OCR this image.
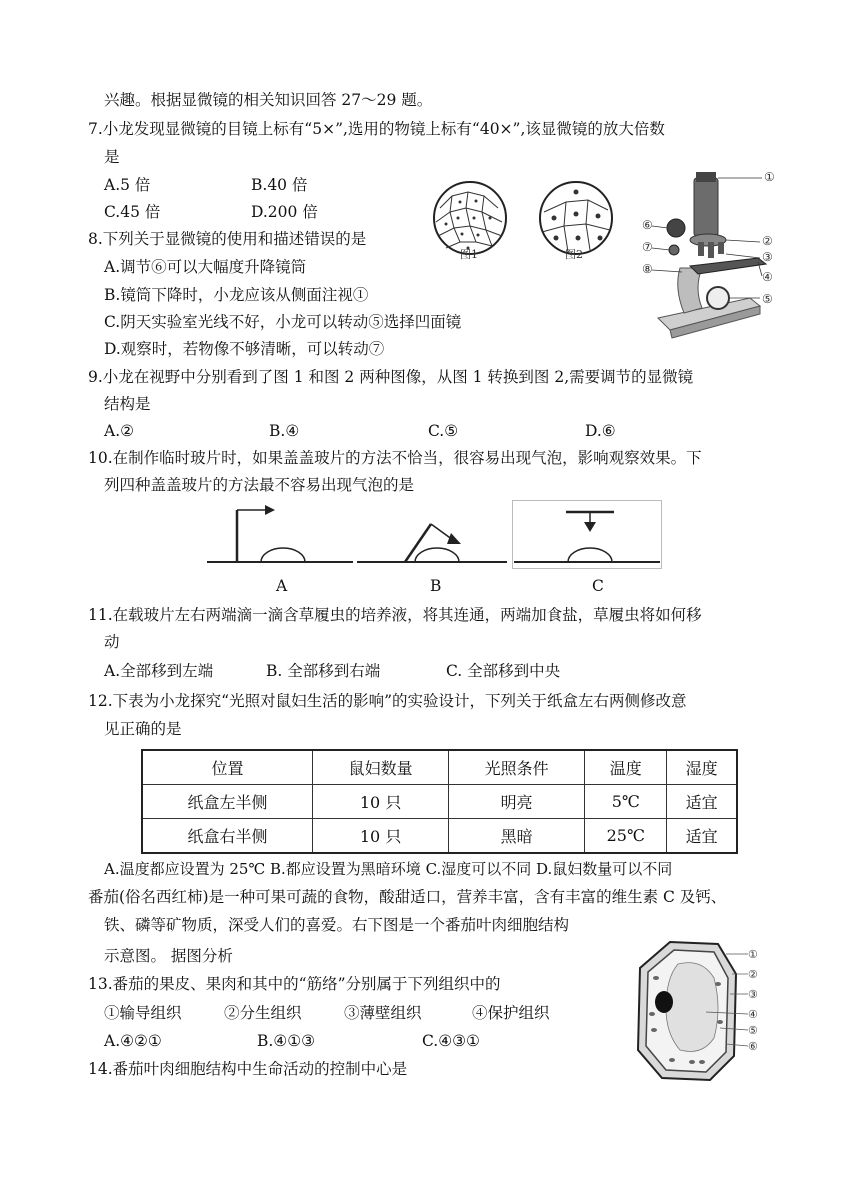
兴趣。根据显微镜的相关知识回答 27～29 题。
7.小龙发现显微镜的目镜上标有“5×”,选用的物镜上标有“40×”,该显微镜的放大倍数
是
A.5 倍	B.40 倍
C.45 倍	D.200 倍
8.下列关于显微镜的使用和描述错误的是
A.调节⑥可以大幅度升降镜筒
B.镜筒下降时，小龙应该从侧面注视①
C.阴天实验室光线不好，小龙可以转动⑤选择凹面镜
D.观察时，若物像不够清晰，可以转动⑦
9.小龙在视野中分别看到了图 1 和图 2 两种图像，从图 1 转换到图 2,需要调节的显微镜
结构是
A.②	B.④	C.⑤	D.⑥
10.在制作临时玻片时，如果盖盖玻片的方法不恰当，很容易出现气泡，影响观察效果。下
列四种盖盖玻片的方法最不容易出现气泡的是
11.在载玻片左右两端滴一滴含草履虫的培养液，将其连通，两端加食盐，草履虫将如何移
动
A.全部移到左端	B. 全部移到右端	C. 全部移到中央
12.下表为小龙探究“光照对鼠妇生活的影响”的实验设计，下列关于纸盒左右两侧修改意
见正确的是
A.温度都应设置为 25℃ B.都应设置为黑暗环境 C.湿度可以不同 D.鼠妇数量可以不同
番茄(俗名西红柿)是一种可果可蔬的食物，酸甜适口，营养丰富，含有丰富的维生素 C 及钙、
铁、磷等矿物质，深受人们的喜爱。右下图是一个番茄叶肉细胞结构
示意图。 据图分析
13.番茄的果皮、果肉和其中的“筋络”分别属于下列组织中的
①输导组织	②分生组织	③薄壁组织	④保护组织
A.④②①	B.④①③	C.④③①
14.番茄叶肉细胞结构中生命活动的控制中心是
图1	图2
①
⑥
②
⑦
③
⑧
④
⑤
A	B	C
位置	鼠妇数量	光照条件	温度	湿度
纸盒左半侧	10 只	明亮	5℃	适宜
纸盒右半侧	10 只	黑暗	25℃	适宜
①
②
③
④
⑤
⑥
